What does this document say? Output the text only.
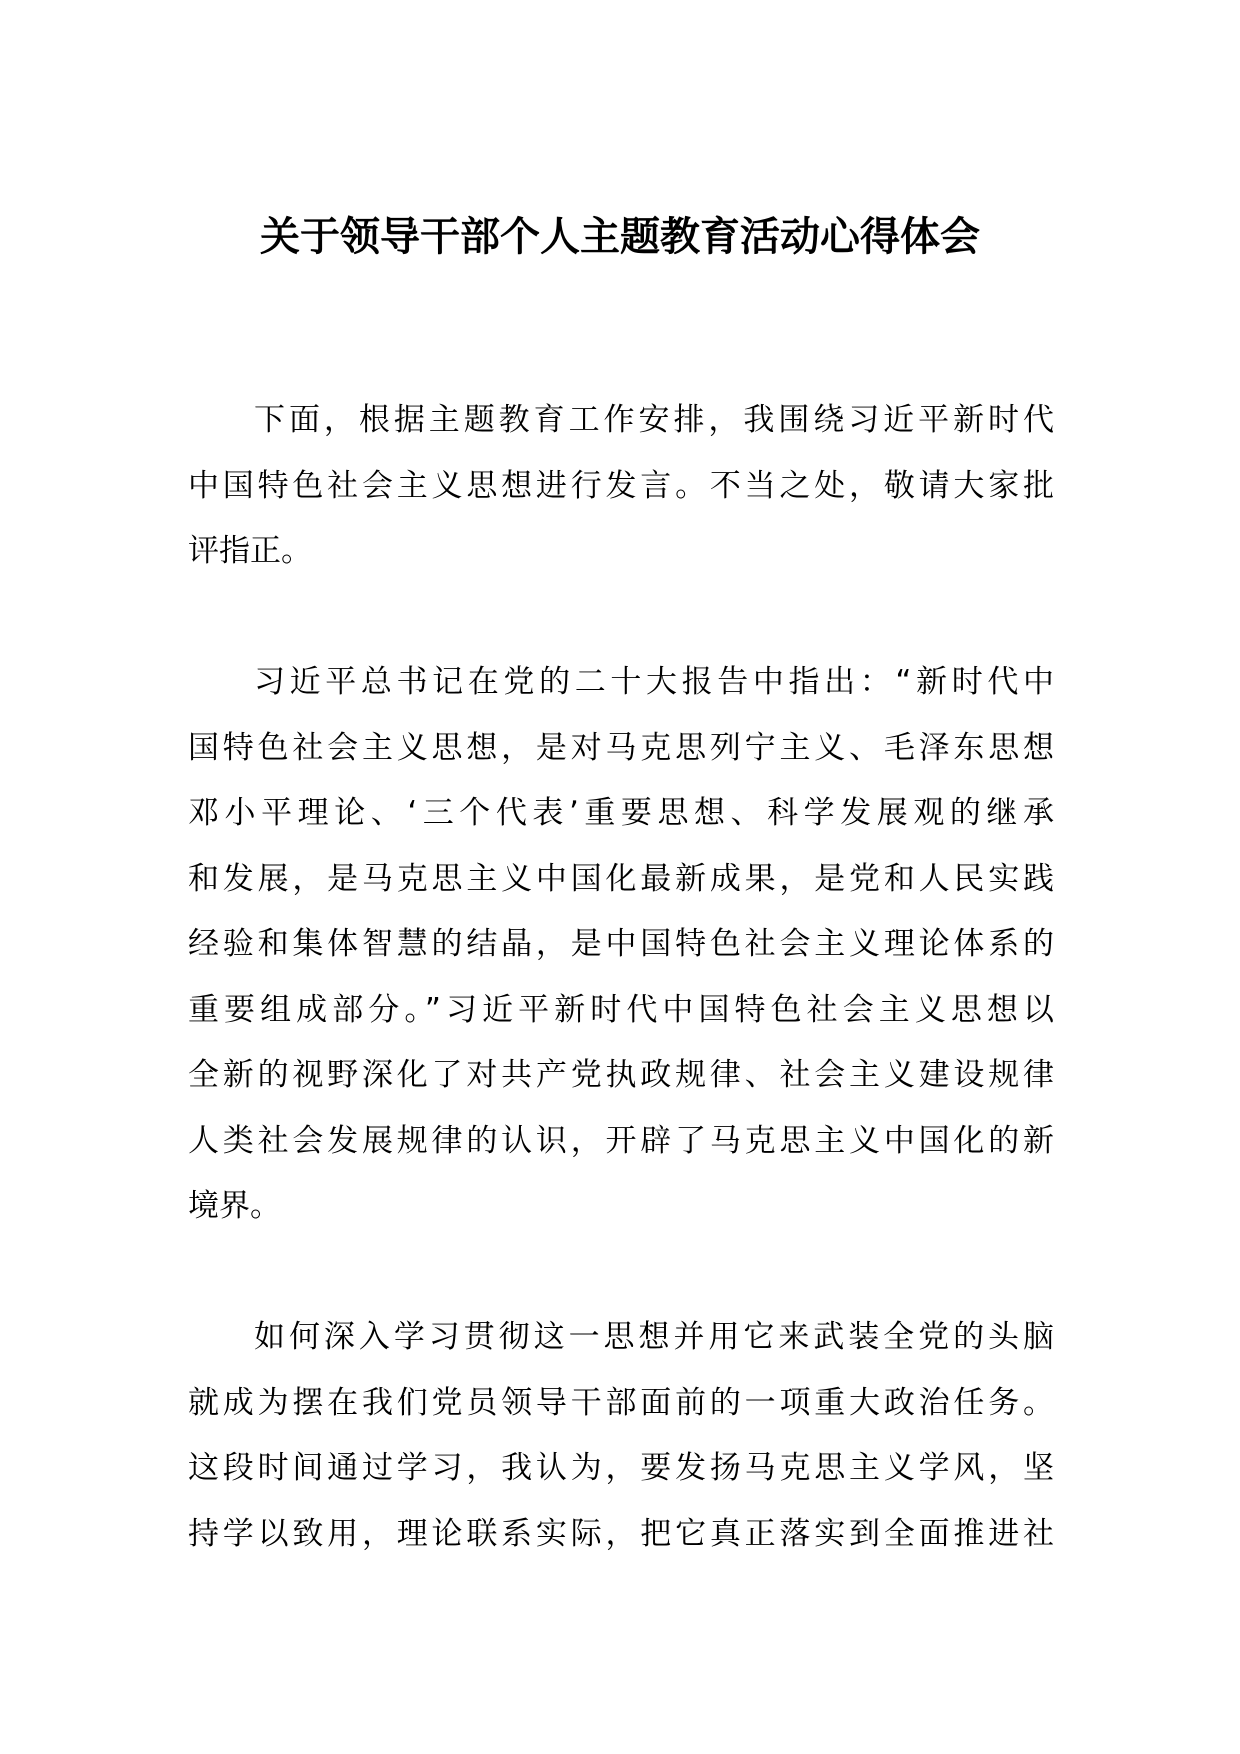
关于领导干部个人主题教育活动心得体会
下面，根据主题教育工作安排，我围绕习近平新时代
中国特色社会主义思想进行发言。不当之处，敬请大家批
评指正。
习近平总书记在党的二十大报告中指出：“新时代中
国特色社会主义思想，是对马克思列宁主义、毛泽东思想
邓小平理论、‘三个代表’重要思想、科学发展观的继承
和发展，是马克思主义中国化最新成果，是党和人民实践
经验和集体智慧的结晶，是中国特色社会主义理论体系的
重要组成部分。”习近平新时代中国特色社会主义思想以
全新的视野深化了对共产党执政规律、社会主义建设规律
人类社会发展规律的认识，开辟了马克思主义中国化的新
境界。
如何深入学习贯彻这一思想并用它来武装全党的头脑
就成为摆在我们党员领导干部面前的一项重大政治任务。
这段时间通过学习，我认为，要发扬马克思主义学风，坚
持学以致用，理论联系实际，把它真正落实到全面推进社
